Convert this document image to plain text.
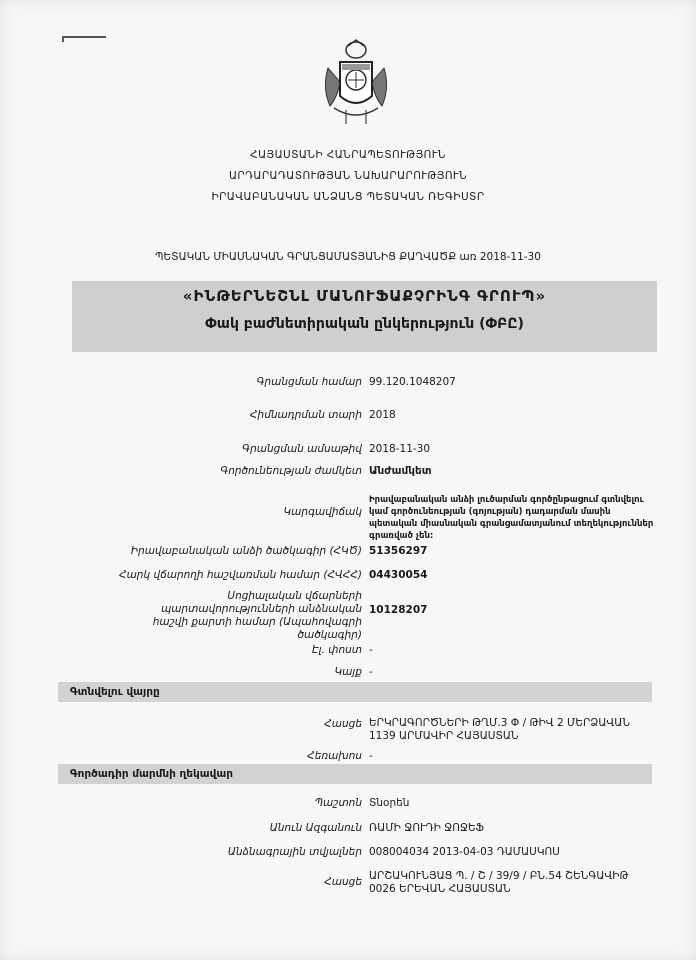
ՀԱՅԱՍՏԱՆԻ ՀԱՆՐԱՊԵՏՈՒԹՅՈՒՆ
ԱՐԴԱՐԱԴԱՏՈՒԹՅԱՆ ՆԱԽԱՐԱՐՈՒԹՅՈՒՆ
ԻՐԱՎԱԲԱՆԱԿԱՆ ԱՆՁԱՆՑ ՊԵՏԱԿԱՆ ՌԵԳԻՍՏՐ
ՊԵՏԱԿԱՆ ՄԻԱՍՆԱԿԱՆ ԳՐԱՆՑԱՄԱՏՅԱՆԻՑ ՔԱՂՎԱԾՔ առ 2018-11-30
«ԻՆԹԵՐՆԵՇՆԼ ՄԱՆՈՒՖԱՔՉՐԻՆԳ ԳՐՈՒՊ»
Փակ բաժնետիրական ընկերություն (ՓԲԸ)
Գրանցման համար 99.120.1048207
Հիմնադրման տարի 2018
Գրանցման ամսաթիվ 2018-11-30
Գործունեության ժամկետ Անժամկետ
Կարգավիճակ
Իրավաբանական անձի լուծարման գործընթացում գտնվելու կամ գործունեության (գոյության) դադարման մասին պետական միասնական գրանցամատյանում տեղեկություններ գրառված չեն:
Իրավաբանական անձի ծածկագիր (ՀԿԾ) 51356297
Հարկ վճարողի հաշվառման համար (ՀՎՀՀ) 04430054
Սոցիալական վճարների պարտավորությունների անձնական հաշվի քարտի համար (Ապահովագրի ծածկագիր)
10128207
Էլ. փոստ -
Կայք -
Գտնվելու վայրը
Հասցե ԵՐԿՐԱԳՈՐԾՆԵՐԻ ԹՂՄ.3 Փ / ԹԻՎ 2 ՄԵՐՁԱՎԱՆ 1139 ԱՐՄԱՎԻՐ ՀԱՅԱՍՏԱՆ
Հեռախոս -
Գործադիր մարմնի ղեկավար
Պաշտոն Տնօրեն
Անուն Ազգանուն ՌԱՄԻ ՋՈՒԴԻ ՋՈՋԵՖ
Անձնագրային տվյալներ 008004034 2013-04-03 ԴԱՄԱՍԿՈՍ
Հասցե ԱՐՇԱԿՈՒՆՅԱՑ Պ. / Շ / 39/9 / ԲՆ.54 ՇԵՆԳԱՎԻԹ 0026 ԵՐԵՎԱՆ ՀԱՅԱՍՏԱՆ
